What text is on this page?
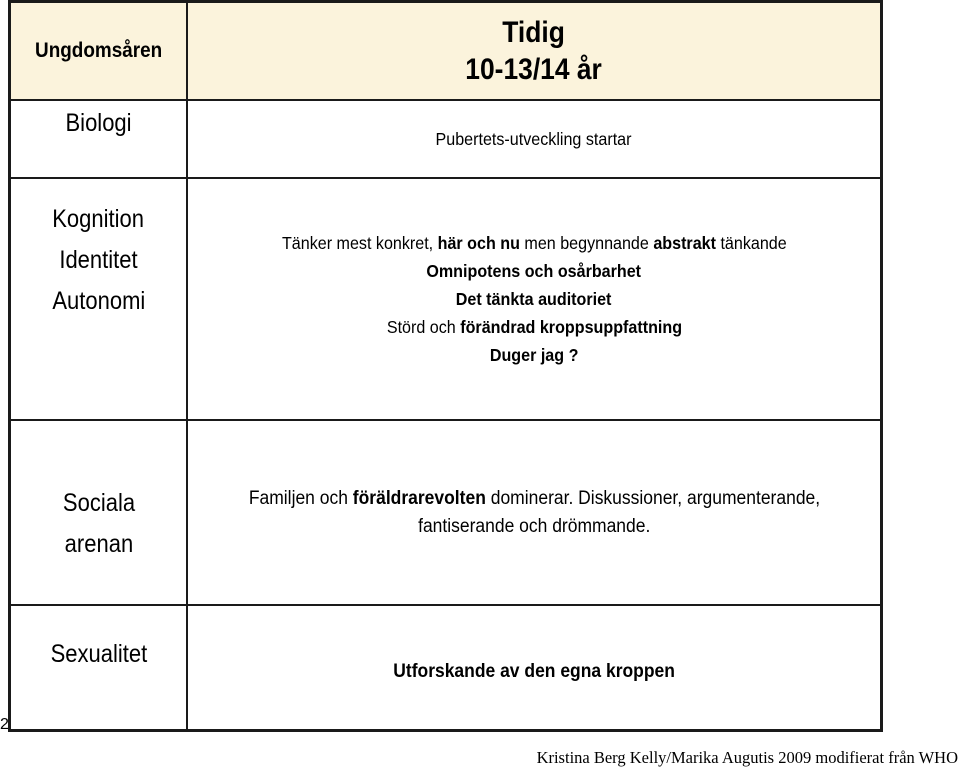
Ungdomsåren
Tidig
10-13/14 år
Biologi
Pubertets-utveckling startar
Kognition
Identitet
Autonomi
Tänker mest konkret, här och nu men begynnande abstrakt tänkande
Omnipotens och osårbarhet
Det tänkta auditoriet
Störd och förändrad kroppsuppfattning
Duger jag ?
Sociala
arenan
Familjen och föräldrarevolten dominerar. Diskussioner, argumenterande,
fantiserande och drömmande.
Sexualitet
Utforskande av den egna kroppen
2
Kristina Berg Kelly/Marika Augutis 2009 modifierat från WHO
